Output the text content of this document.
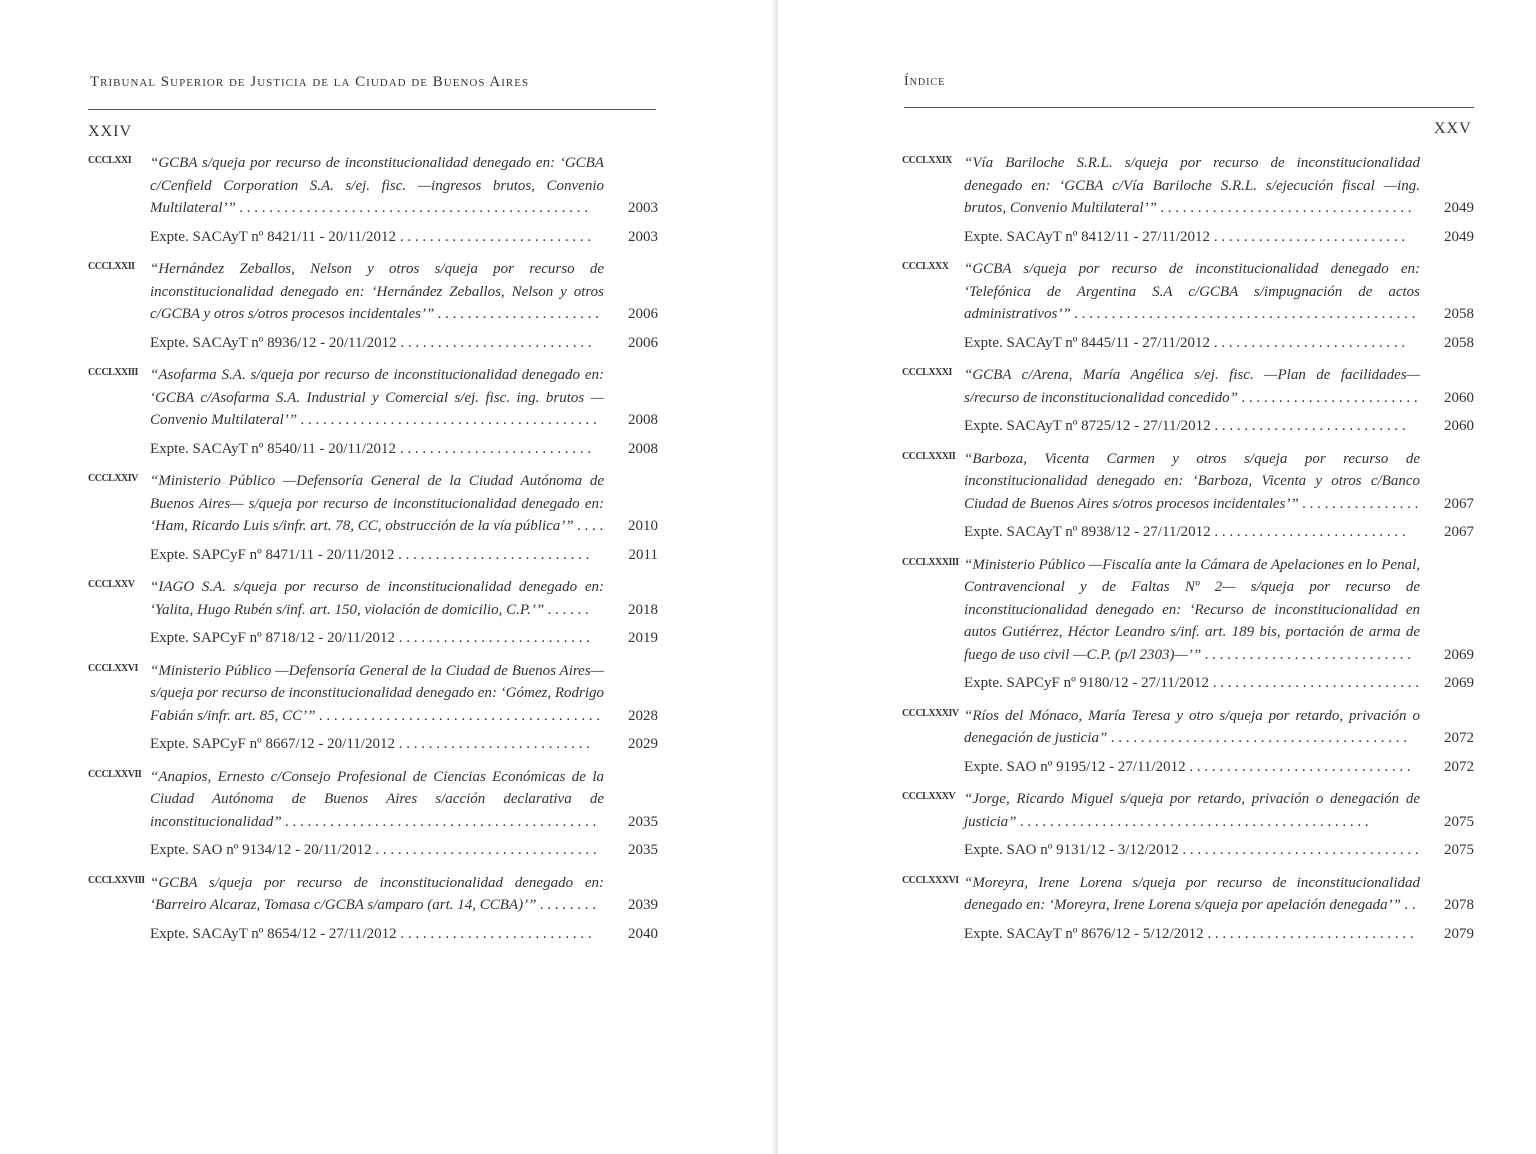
Tribunal Superior de Justicia de la Ciudad de Buenos Aires
XXIV
CCCLXXI	“GCBA s/queja por recurso de inconstitucionalidad denegado en: ‘GCBA c/Cenfield Corporation S.A. s/ej. fisc. —ingresos brutos, Convenio Multilateral’” . . .	2003
Expte. SACAyT nº 8421/11 - 20/11/2012 . . . . . . . . . . . . . . . . . . . . . . . . . .	2003
CCCLXXII	“Hernández Zeballos, Nelson y otros s/queja por recurso de inconstitucionalidad denegado en: ‘Hernández Zeballos, Nelson y otros c/GCBA y otros s/otros procesos incidentales’” . . . . . . . . . . . . . . . . . . . . . .	2006
Expte. SACAyT nº 8936/12 - 20/11/2012 . . . . . . . . . . . . . . . . . . . . . . . . . .	2006
CCCLXXIII “Asofarma S.A. s/queja por recurso de inconstitucionalidad denegado en: ‘GCBA c/Asofarma S.A. Industrial y Comercial s/ej. fisc. ing. brutos —Convenio Multilateral’” . . . . . . . . . . . . . . . . . . . . . . . . . . . . . . . . . . . . . . . .	2008
Expte. SACAyT nº 8540/11 - 20/11/2012 . . . . . . . . . . . . . . . . . . . . . . . . . .	2008
CCCLXXIV “Ministerio Público —Defensoría General de la Ciudad Autónoma de Buenos Aires— s/queja por recurso de inconstitucionalidad denegado en: ‘Ham, Ricardo Luis s/infr. art. 78, CC, obstrucción de la vía pública’” . . . .	2010
Expte. SAPCyF nº 8471/11 - 20/11/2012 . . . . . . . . . . . . . . . . . . . . . . . . . .	2011
CCCLXXV	“IAGO S.A. s/queja por recurso de inconstitucionalidad denegado en: ‘Yalita, Hugo Rubén s/inf. art. 150, violación de domicilio, C.P.’” . . . . . .	2018
Expte. SAPCyF nº 8718/12 - 20/11/2012 . . . . . . . . . . . . . . . . . . . . . . . . . .	2019
CCCLXXVI “Ministerio Público —Defensoría General de la Ciudad de Buenos Aires— s/queja por recurso de inconstitucionalidad denegado en: ‘Gómez, Rodrigo Fabián s/infr. art. 85, CC’” . . . . . . . . . . . . . . . . . . . . . . . . . . . . . . . . . . . . . .	2028
Expte. SAPCyF nº 8667/12 - 20/11/2012 . . . . . . . . . . . . . . . . . . . . . . . . . .	2029
CCCLXXVII “Anapios, Ernesto c/Consejo Profesional de Ciencias Económicas de la Ciudad Autónoma de Buenos Aires s/acción declarativa de inconstitucionalidad” . . . . . . . . . . . . . . . . . . . . . . . . . . . . . . . . . . . . . . . . . .	2035
Expte. SAO nº 9134/12 - 20/11/2012 . . . . . . . . . . . . . . . . . . . . . . . . . . . . . .	2035
CCCLXXVIII “GCBA s/queja por recurso de inconstitucionalidad denegado en: ‘Barreiro Alcaraz, Tomasa c/GCBA s/amparo (art. 14, CCBA)’” . . . . . . . .	2039
Expte. SACAyT nº 8654/12 - 27/11/2012 . . . . . . . . . . . . . . . . . . . . . . . . . .	2040
Índice
XXV
CCCLXXIX “Vía Bariloche S.R.L. s/queja por recurso de inconstitucionalidad denegado en: ‘GCBA c/Vía Bariloche S.R.L. s/ejecución fiscal —ing. brutos, Convenio Multilateral’” . . . . . . . . . . . . . . . . . . . . . . . . . . . . . . . . . .	2049
Expte. SACAyT nº 8412/11 - 27/11/2012 . . . . . . . . . . . . . . . . . . . . . . . . . .	2049
CCCLXXX	“GCBA s/queja por recurso de inconstitucionalidad denegado en: ‘Telefónica de Argentina S.A c/GCBA s/impugnación de actos administrativos’” . . . . . . . . . . . . . . . . . . . . . . . . . . . . . . . . . . . . . . . . . . . . . .	2058
Expte. SACAyT nº 8445/11 - 27/11/2012 . . . . . . . . . . . . . . . . . . . . . . . . . .	2058
CCCLXXXI “GCBA c/Arena, María Angélica s/ej. fisc. —Plan de facilidades— s/recurso de inconstitucionalidad concedido” . . . . . . . . . . . . . . . . . . . . . . . .	2060
Expte. SACAyT nº 8725/12 - 27/11/2012 . . . . . . . . . . . . . . . . . . . . . . . . . .	2060
CCCLXXXII “Barboza, Vicenta Carmen y otros s/queja por recurso de inconstitucionalidad denegado en: ‘Barboza, Vicenta y otros c/Banco Ciudad de Buenos Aires s/otros procesos incidentales’” . . . . . . . . . . . . . . . .	2067
Expte. SACAyT nº 8938/12 - 27/11/2012 . . . . . . . . . . . . . . . . . . . . . . . . . .	2067
CCCLXXXIII “Ministerio Público —Fiscalía ante la Cámara de Apelaciones en lo Penal, Contravencional y de Faltas Nº 2— s/queja por recurso de inconstitucionalidad denegado en: ‘Recurso de inconstitucionalidad en autos Gutiérrez, Héctor Leandro s/inf. art. 189 bis, portación de arma de fuego de uso civil —C.P. (p/l 2303)—’” . . . . . . . . . . . . . . . . . . . . . . . . . . . .	2069
Expte. SAPCyF nº 9180/12 - 27/11/2012 . . . . . . . . . . . . . . . . . . . . . . . . . . . .	2069
CCCLXXXIV “Ríos del Mónaco, María Teresa y otro s/queja por retardo, privación o denegación de justicia” . . . . . . . . . . . . . . . . . . . . . . . . . . . . . . . . . . . . . . . .	2072
Expte. SAO nº 9195/12 - 27/11/2012 . . . . . . . . . . . . . . . . . . . . . . . . . . . . . .	2072
CCCLXXXV “Jorge, Ricardo Miguel s/queja por retardo, privación o denegación de justicia” . . .	2075
Expte. SAO nº 9131/12 - 3/12/2012 . . . . . . . . . . . . . . . . . . . . . . . . . . . . . . . .	2075
CCCLXXXVI “Moreyra, Irene Lorena s/queja por recurso de inconstitucionalidad denegado en: ‘Moreyra, Irene Lorena s/queja por apelación denegada’” . .	2078
Expte. SACAyT nº 8676/12 - 5/12/2012 . . . . . . . . . . . . . . . . . . . . . . . . . . . .	2079
